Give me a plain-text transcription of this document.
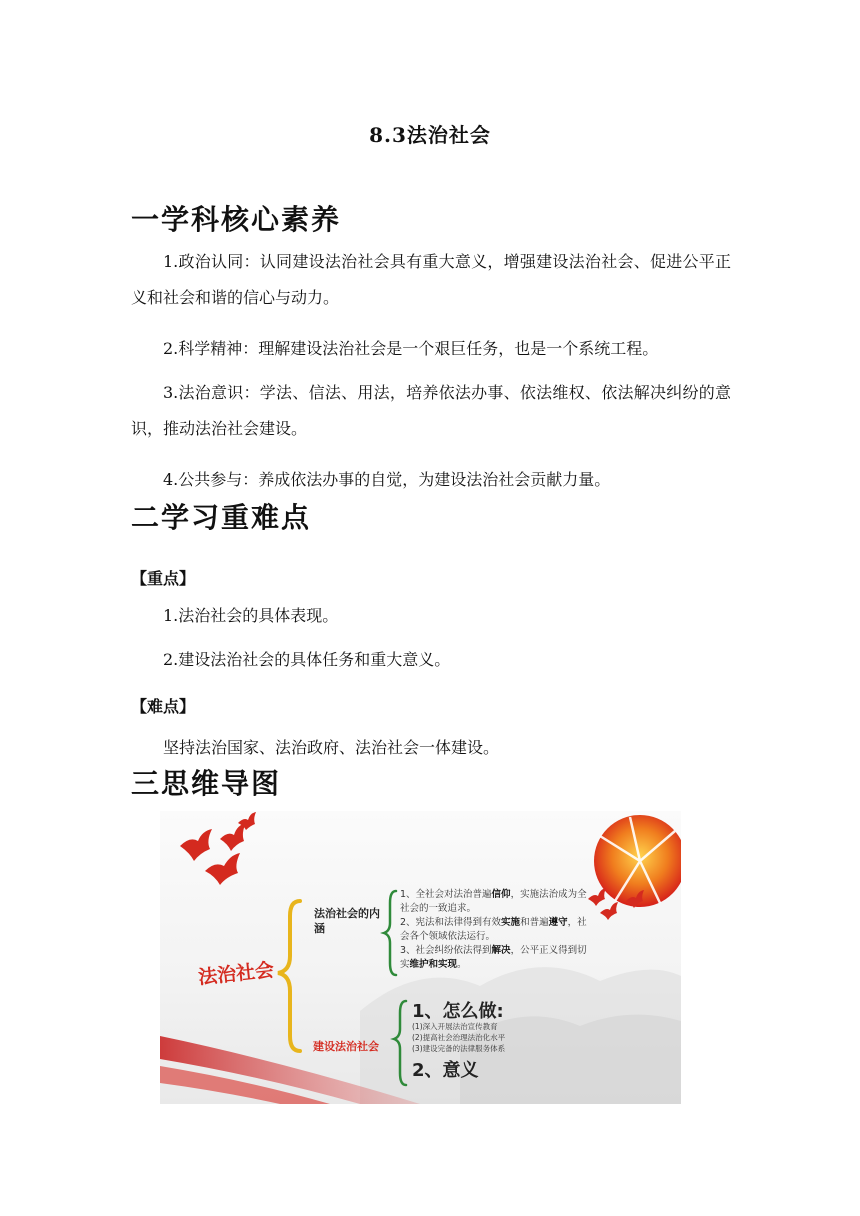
8.3法治社会
一学科核心素养
1.政治认同：认同建设法治社会具有重大意义，增强建设法治社会、促进公平正义和社会和谐的信心与动力。
2.科学精神：理解建设法治社会是一个艰巨任务，也是一个系统工程。
3.法治意识：学法、信法、用法，培养依法办事、依法维权、依法解决纠纷的意识，推动法治社会建设。
4.公共参与：养成依法办事的自觉，为建设法治社会贡献力量。
二学习重难点
【重点】
1.法治社会的具体表现。
2.建设法治社会的具体任务和重大意义。
【难点】
坚持法治国家、法治政府、法治社会一体建设。
三思维导图
法治社会
法治社会的内涵
建设法治社会
1、全社会对法治普遍信仰，实施法治成为全社会的一致追求。
2、宪法和法律得到有效实施和普遍遵守，社会各个领域依法运行。
3、社会纠纷依法得到解决，公平正义得到切实维护和实现。
1、怎么做:
(1)深入开展法治宣传教育
(2)提高社会治理法治化水平
(3)建设完备的法律服务体系
2、意义
